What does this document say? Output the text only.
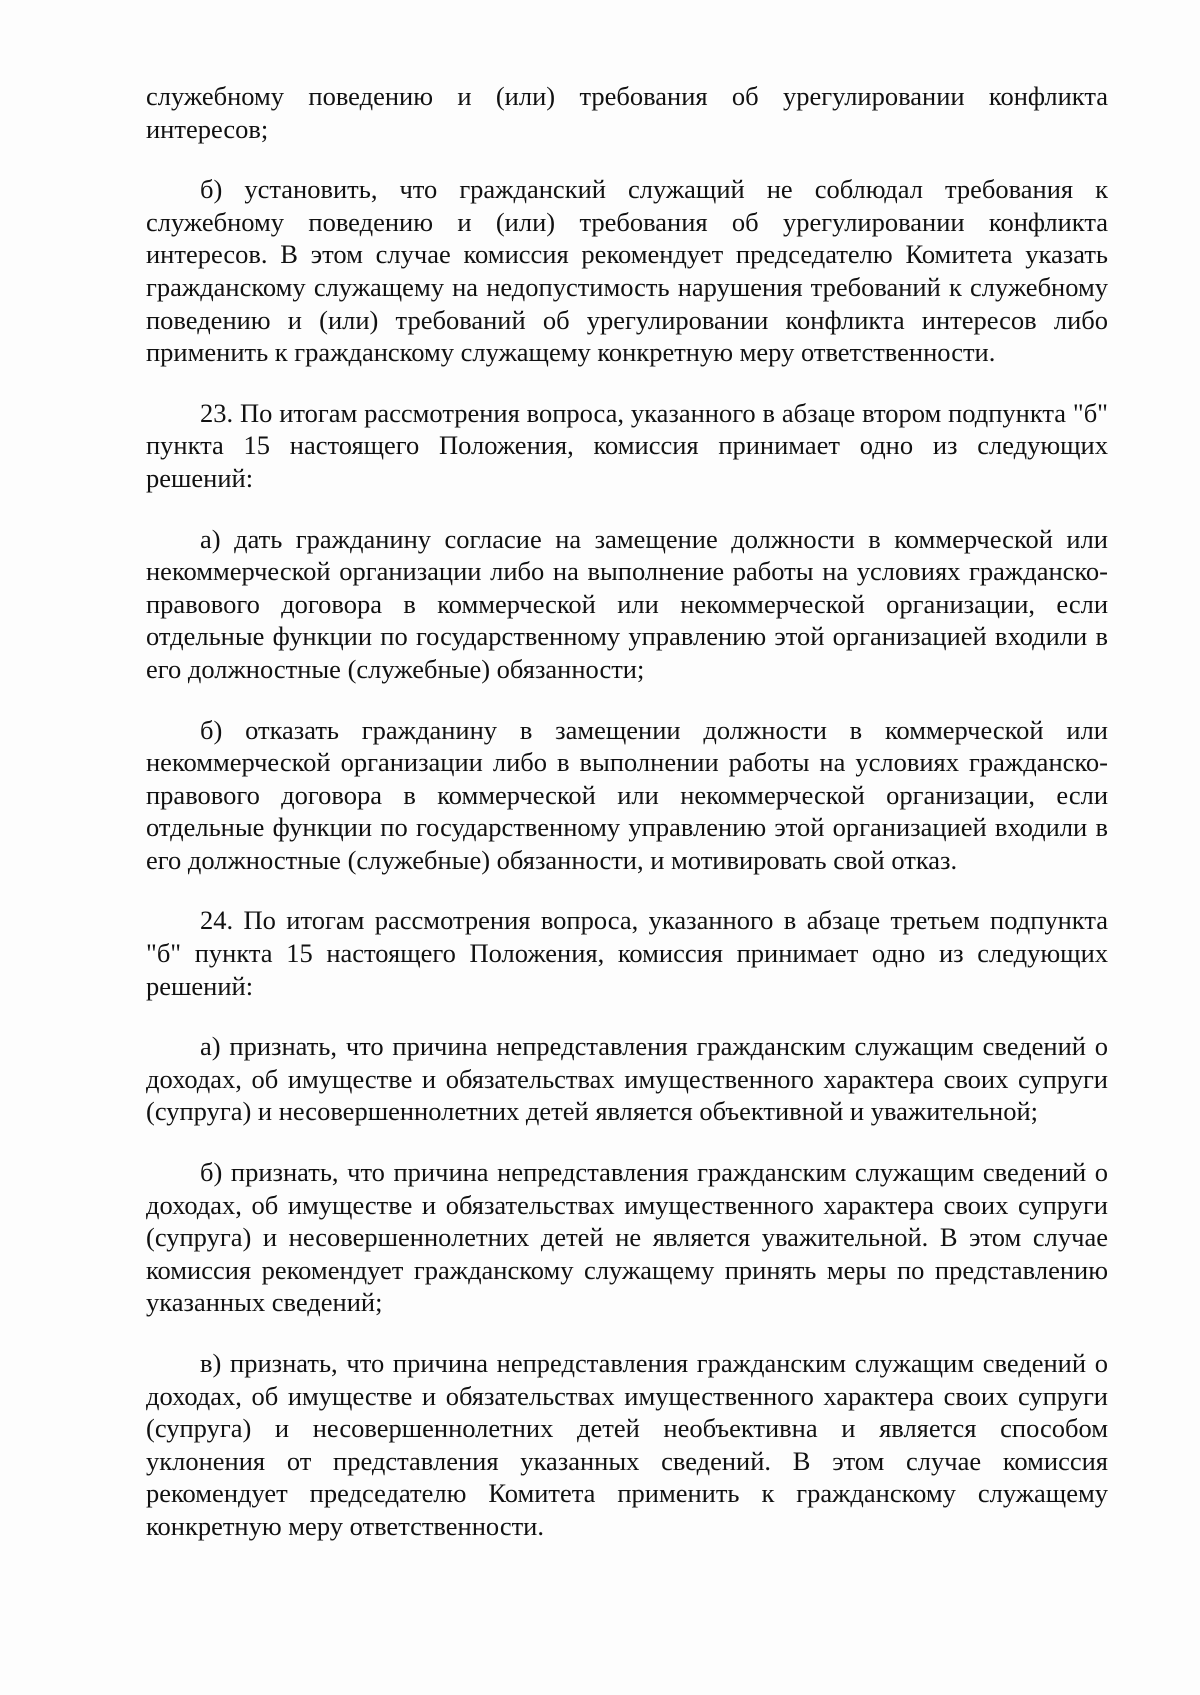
служебному поведению и (или) требования об урегулировании конфликта интересов;

б) установить, что гражданский служащий не соблюдал требования к служебному поведению и (или) требования об урегулировании конфликта интересов. В этом случае комиссия рекомендует председателю Комитета указать гражданскому служащему на недопустимость нарушения требований к служебному поведению и (или) требований об урегулировании конфликта интересов либо применить к гражданскому служащему конкретную меру ответственности.

23. По итогам рассмотрения вопроса, указанного в абзаце втором подпункта "б" пункта 15 настоящего Положения, комиссия принимает одно из следующих решений:

а) дать гражданину согласие на замещение должности в коммерческой или некоммерческой организации либо на выполнение работы на условиях гражданско-правового договора в коммерческой или некоммерческой организации, если отдельные функции по государственному управлению этой организацией входили в его должностные (служебные) обязанности;

б) отказать гражданину в замещении должности в коммерческой или некоммерческой организации либо в выполнении работы на условиях гражданско-правового договора в коммерческой или некоммерческой организации, если отдельные функции по государственному управлению этой организацией входили в его должностные (служебные) обязанности, и мотивировать свой отказ.

24. По итогам рассмотрения вопроса, указанного в абзаце третьем подпункта "б" пункта 15 настоящего Положения, комиссия принимает одно из следующих решений:

а) признать, что причина непредставления гражданским служащим сведений о доходах, об имуществе и обязательствах имущественного характера своих супруги (супруга) и несовершеннолетних детей является объективной и уважительной;

б) признать, что причина непредставления гражданским служащим сведений о доходах, об имуществе и обязательствах имущественного характера своих супруги (супруга) и несовершеннолетних детей не является уважительной. В этом случае комиссия рекомендует гражданскому служащему принять меры по представлению указанных сведений;

в) признать, что причина непредставления гражданским служащим сведений о доходах, об имуществе и обязательствах имущественного характера своих супруги (супруга) и несовершеннолетних детей необъективна и является способом уклонения от представления указанных сведений. В этом случае комиссия рекомендует председателю Комитета применить к гражданскому служащему конкретную меру ответственности.
